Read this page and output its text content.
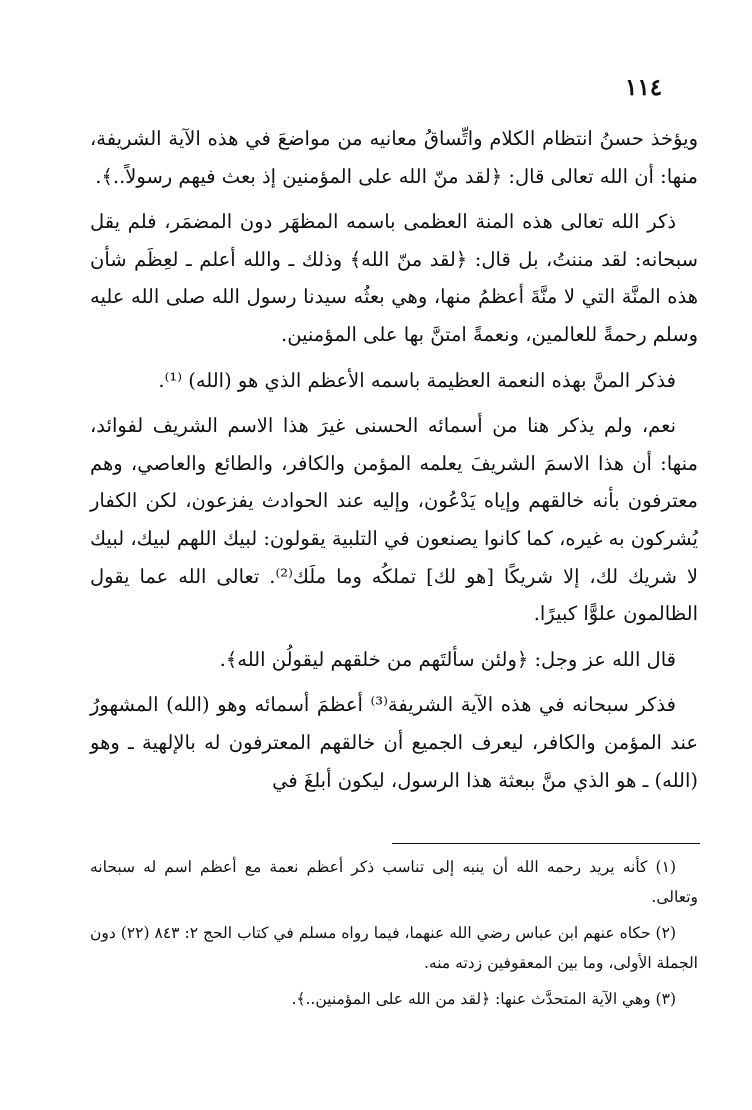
١١٤

ويؤخذ حسنُ انتظام الكلام واتِّساقُ معانيه من مواضعَ في هذه الآية الشريفة، منها: أن الله تعالى قال: ﴿لقد منّ الله على المؤمنين إذ بعث فيهم رسولاً..﴾.

ذكر الله تعالى هذه المنة العظمى باسمه المظهَر دون المضمَر، فلم يقل سبحانه: لقد مننتُ، بل قال: ﴿لقد منّ الله﴾ وذلك ـ والله أعلم ـ لعِظَم شأن هذه المنَّة التي لا منَّةَ أعظمُ منها، وهي بعثُه سيدنا رسول الله صلى الله عليه وسلم رحمةً للعالمين، ونعمةً امتنَّ بها على المؤمنين.

فذكر المنَّ بهذه النعمة العظيمة باسمه الأعظم الذي هو (الله) ⁽¹⁾.

نعم، ولم يذكر هنا من أسمائه الحسنى غيرَ هذا الاسم الشريف لفوائد، منها: أن هذا الاسمَ الشريفَ يعلمه المؤمن والكافر، والطائع والعاصي، وهم معترفون بأنه خالقهم وإياه يَدْعُون، وإليه عند الحوادث يفزعون، لكن الكفار يُشركون به غيره، كما كانوا يصنعون في التلبية يقولون: لبيك اللهم لبيك، لبيك لا شريك لك، إلا شريكًا [هو لك] تملكُه وما ملَك⁽²⁾. تعالى الله عما يقول الظالمون علوًّا كبيرًا.

قال الله عز وجل: ﴿ولئن سألتَهم من خلقهم ليقولُن الله﴾.

فذكر سبحانه في هذه الآية الشريفة⁽³⁾ أعظمَ أسمائه وهو (الله) المشهورُ عند المؤمن والكافر، ليعرف الجميع أن خالقهم المعترفون له بالإلهية ـ وهو (الله) ـ هو الذي منَّ ببعثة هذا الرسول، ليكون أبلغَ في

(١) كأنه يريد رحمه الله أن ينبه إلى تناسب ذكر أعظم نعمة مع أعظم اسم له سبحانه وتعالى.

(٢) حكاه عنهم ابن عباس رضي الله عنهما، فيما رواه مسلم في كتاب الحج ٢: ٨٤٣ (٢٢) دون الجملة الأولى، وما بين المعقوفين زدته منه.

(٣) وهي الآية المتحدَّث عنها: ﴿لقد من الله على المؤمنين..﴾.
